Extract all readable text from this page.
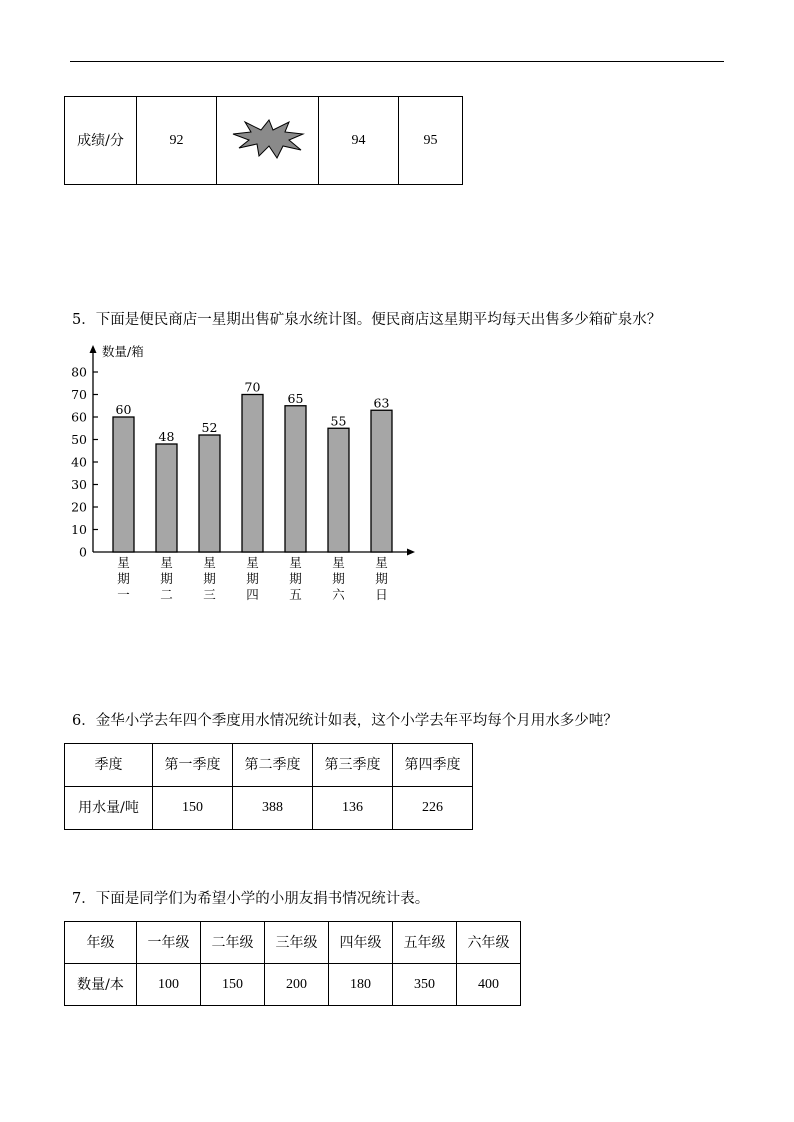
成绩/分	92		94	95
5．下面是便民商店一星期出售矿泉水统计图。便民商店这星期平均每天出售多少箱矿泉水？
数量/箱
0
10
20
30
40
50
60
70
80
60
星
期
一
48
星
期
二
52
星
期
三
70
星
期
四
65
星
期
五
55
星
期
六
63
星
期
日
6．金华小学去年四个季度用水情况统计如表，这个小学去年平均每个月用水多少吨？
季度	第一季度	第二季度	第三季度	第四季度
用水量/吨	150	388	136	226
7．下面是同学们为希望小学的小朋友捐书情况统计表。
年级	一年级	二年级	三年级	四年级	五年级	六年级
数量/本	100	150	200	180	350	400
